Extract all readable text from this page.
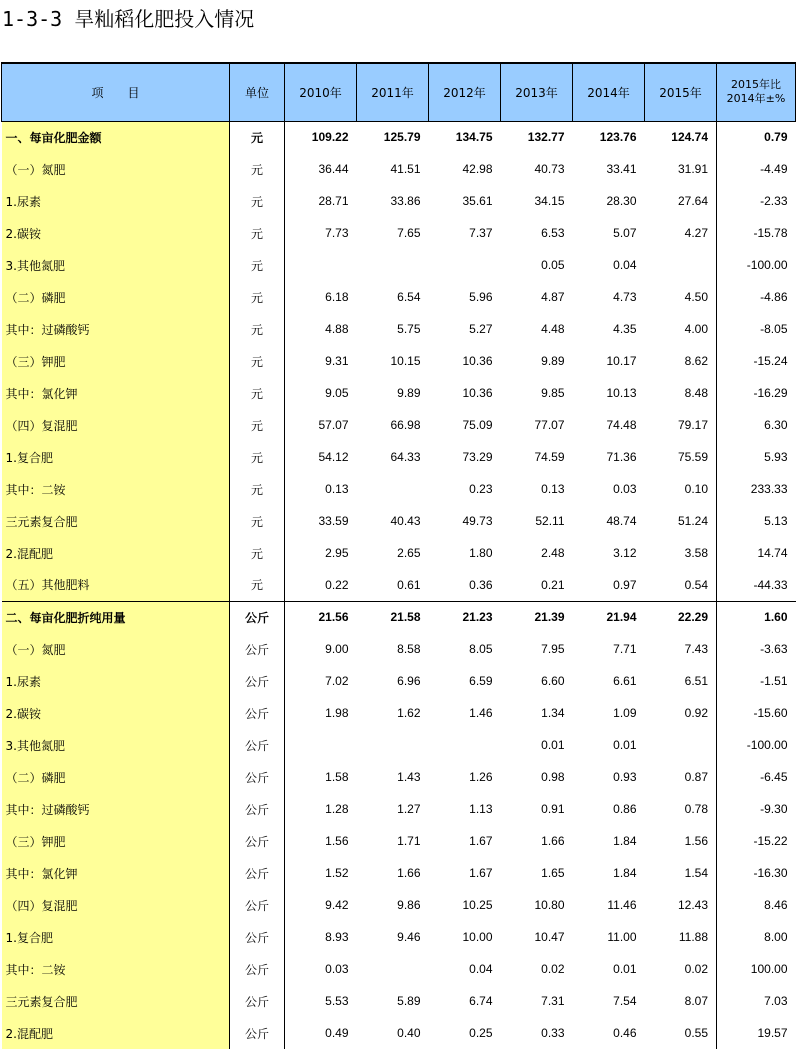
1-3-3 旱籼稻化肥投入情况
项　　目	单位	2010年	2011年	2012年	2013年	2014年	2015年	2015年比
2014年±%

一、每亩化肥金额	元	109.22	125.79	134.75	132.77	123.76	124.74	0.79
（一）氮肥	元	36.44	41.51	42.98	40.73	33.41	31.91	-4.49
1.尿素	元	28.71	33.86	35.61	34.15	28.30	27.64	-2.33
2.碳铵	元	7.73	7.65	7.37	6.53	5.07	4.27	-15.78
3.其他氮肥	元				0.05	0.04		-100.00
（二）磷肥	元	6.18	6.54	5.96	4.87	4.73	4.50	-4.86
其中：过磷酸钙	元	4.88	5.75	5.27	4.48	4.35	4.00	-8.05
（三）钾肥	元	9.31	10.15	10.36	9.89	10.17	8.62	-15.24
其中：氯化钾	元	9.05	9.89	10.36	9.85	10.13	8.48	-16.29
（四）复混肥	元	57.07	66.98	75.09	77.07	74.48	79.17	6.30
1.复合肥	元	54.12	64.33	73.29	74.59	71.36	75.59	5.93
其中：二铵	元	0.13		0.23	0.13	0.03	0.10	233.33
三元素复合肥	元	33.59	40.43	49.73	52.11	48.74	51.24	5.13
2.混配肥	元	2.95	2.65	1.80	2.48	3.12	3.58	14.74
（五）其他肥料	元	0.22	0.61	0.36	0.21	0.97	0.54	-44.33
二、每亩化肥折纯用量	公斤	21.56	21.58	21.23	21.39	21.94	22.29	1.60
（一）氮肥	公斤	9.00	8.58	8.05	7.95	7.71	7.43	-3.63
1.尿素	公斤	7.02	6.96	6.59	6.60	6.61	6.51	-1.51
2.碳铵	公斤	1.98	1.62	1.46	1.34	1.09	0.92	-15.60
3.其他氮肥	公斤				0.01	0.01		-100.00
（二）磷肥	公斤	1.58	1.43	1.26	0.98	0.93	0.87	-6.45
其中：过磷酸钙	公斤	1.28	1.27	1.13	0.91	0.86	0.78	-9.30
（三）钾肥	公斤	1.56	1.71	1.67	1.66	1.84	1.56	-15.22
其中：氯化钾	公斤	1.52	1.66	1.67	1.65	1.84	1.54	-16.30
（四）复混肥	公斤	9.42	9.86	10.25	10.80	11.46	12.43	8.46
1.复合肥	公斤	8.93	9.46	10.00	10.47	11.00	11.88	8.00
其中：二铵	公斤	0.03		0.04	0.02	0.01	0.02	100.00
三元素复合肥	公斤	5.53	5.89	6.74	7.31	7.54	8.07	7.03
2.混配肥	公斤	0.49	0.40	0.25	0.33	0.46	0.55	19.57
